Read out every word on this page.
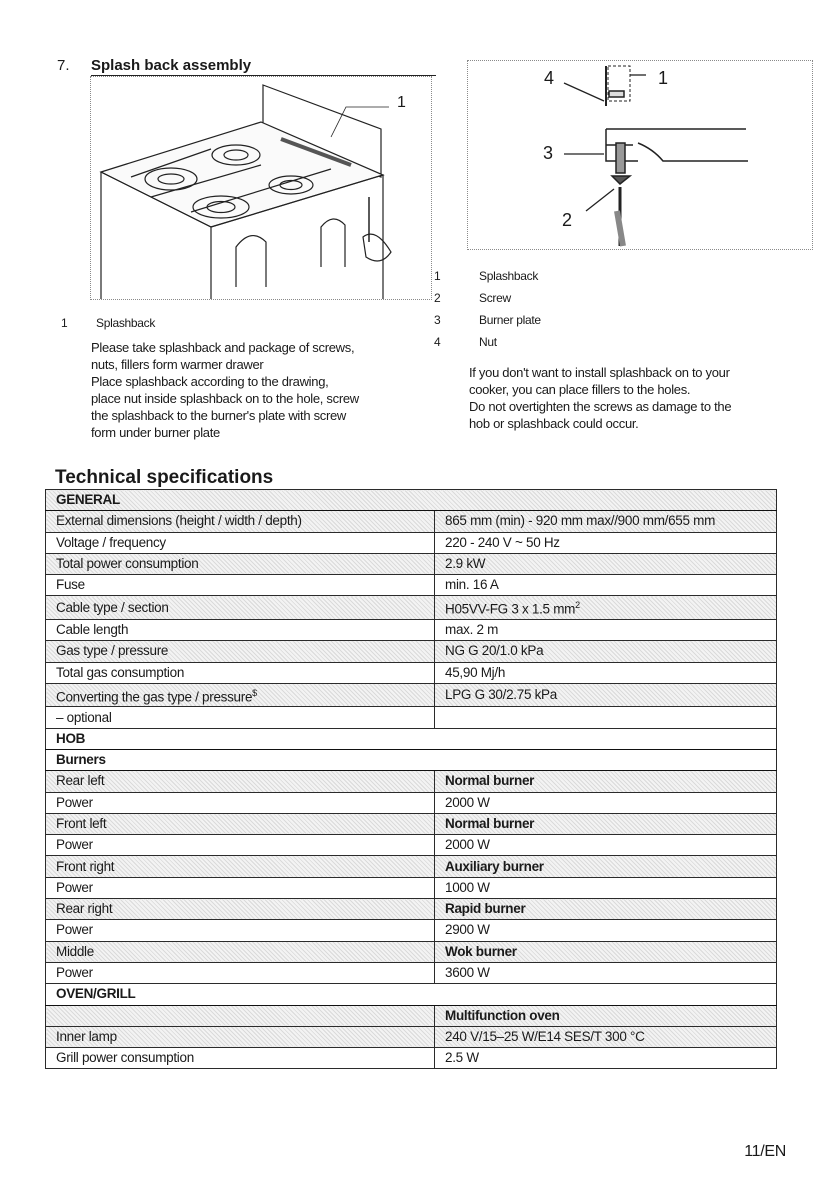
7. Splash back assembly
1
4	1
3
2
1 Splashback
Please take splashback and package of screws,
nuts, fillers form warmer drawer
Place splashback according to the drawing,
place nut inside splashback on to the hole, screw
the splashback to the burner's plate with screw
form under burner plate
1	Splashback
2	Screw
3	Burner plate
4	Nut
If you don't want to install splashback on to your
cooker, you can place fillers to the holes.
Do not overtighten the screws as damage to the
hob or splashback could occur.
Technical specifications
GENERAL	
External dimensions (height / width / depth)	865 mm (min) - 920 mm max//900 mm/655 mm
Voltage / frequency	220 - 240 V ~ 50 Hz
Total power consumption	2.9 kW
Fuse	min. 16 A
Cable type / section	H05VV-FG 3 x 1.5 $mm^2$
Cable length	max. 2 m
Gas type / pressure	NG G 20/1.0 kPa
Total gas consumption	45,90 Mj/h
Converting the gas type / pressure$	LPG G 30/2.75 kPa
– optional	
HOB	
Burners	
Rear left	Normal burner
Power	2000 W
Front left	Normal burner
Power	2000 W
Front right	Auxiliary burner
Power	1000 W
Rear right	Rapid burner
Power	2900 W
Middle	Wok burner
Power	3600 W
OVEN/GRILL	
	Multifunction oven
Inner lamp	240 V/15–25 W/E14 SES/T 300 °C
Grill power consumption	2.5 W
11/EN
